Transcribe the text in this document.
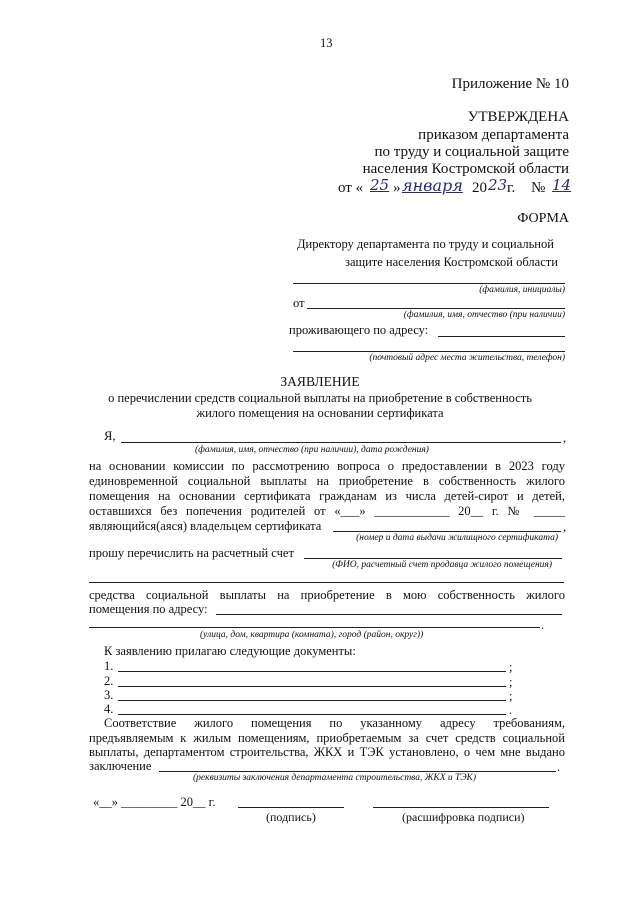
13
Приложение № 10
УТВЕРЖДЕНА
приказом департамента
по труду и социальной защите
населения Костромской области
от « 25 » января 20 23 г. № 14
ФОРМА
Директору департамента по труду и социальной
защите населения Костромской области
(фамилия, инициалы)
от
(фамилия, имя, отчество (при наличии)
проживающего по адресу:
(почтовый адрес места жительства, телефон)
ЗАЯВЛЕНИЕ
о перечислении средств социальной выплаты на приобретение в собственность
жилого помещения на основании сертификата
Я,	,
(фамилия, имя, отчество (при наличии), дата рождения)
на основании комиссии по рассмотрению вопроса о предоставлении в 2023 году
единовременной социальной выплаты на приобретение в собственность жилого
помещения на основании сертификата гражданам из числа детей-сирот и детей,
оставшихся без попечения родителей от «___» ____________ 20__ г. № _____
являющийся(аяся) владельцем сертификата	,
(номер и дата выдачи жилищного сертификата)
прошу перечислить на расчетный счет
(ФИО, расчетный счет продавца жилого помещения)
средства социальной выплаты на приобретение в мою собственность жилого
помещения по адресу:
.
(улица, дом, квартира (комната), город (район, округ))
К заявлению прилагаю следующие документы:
1.	;
2.	;
3.	;
4.	.
Соответствие жилого помещения по указанному адресу требованиям,
предъявляемым к жилым помещениям, приобретаемым за счет средств социальной
выплаты, департаментом строительства, ЖКХ и ТЭК установлено, о чем мне выдано
заключение	.
(реквизиты заключения департамента строительства, ЖКХ и ТЭК)
«__» _________ 20__ г.
(подпись)	(расшифровка подписи)
